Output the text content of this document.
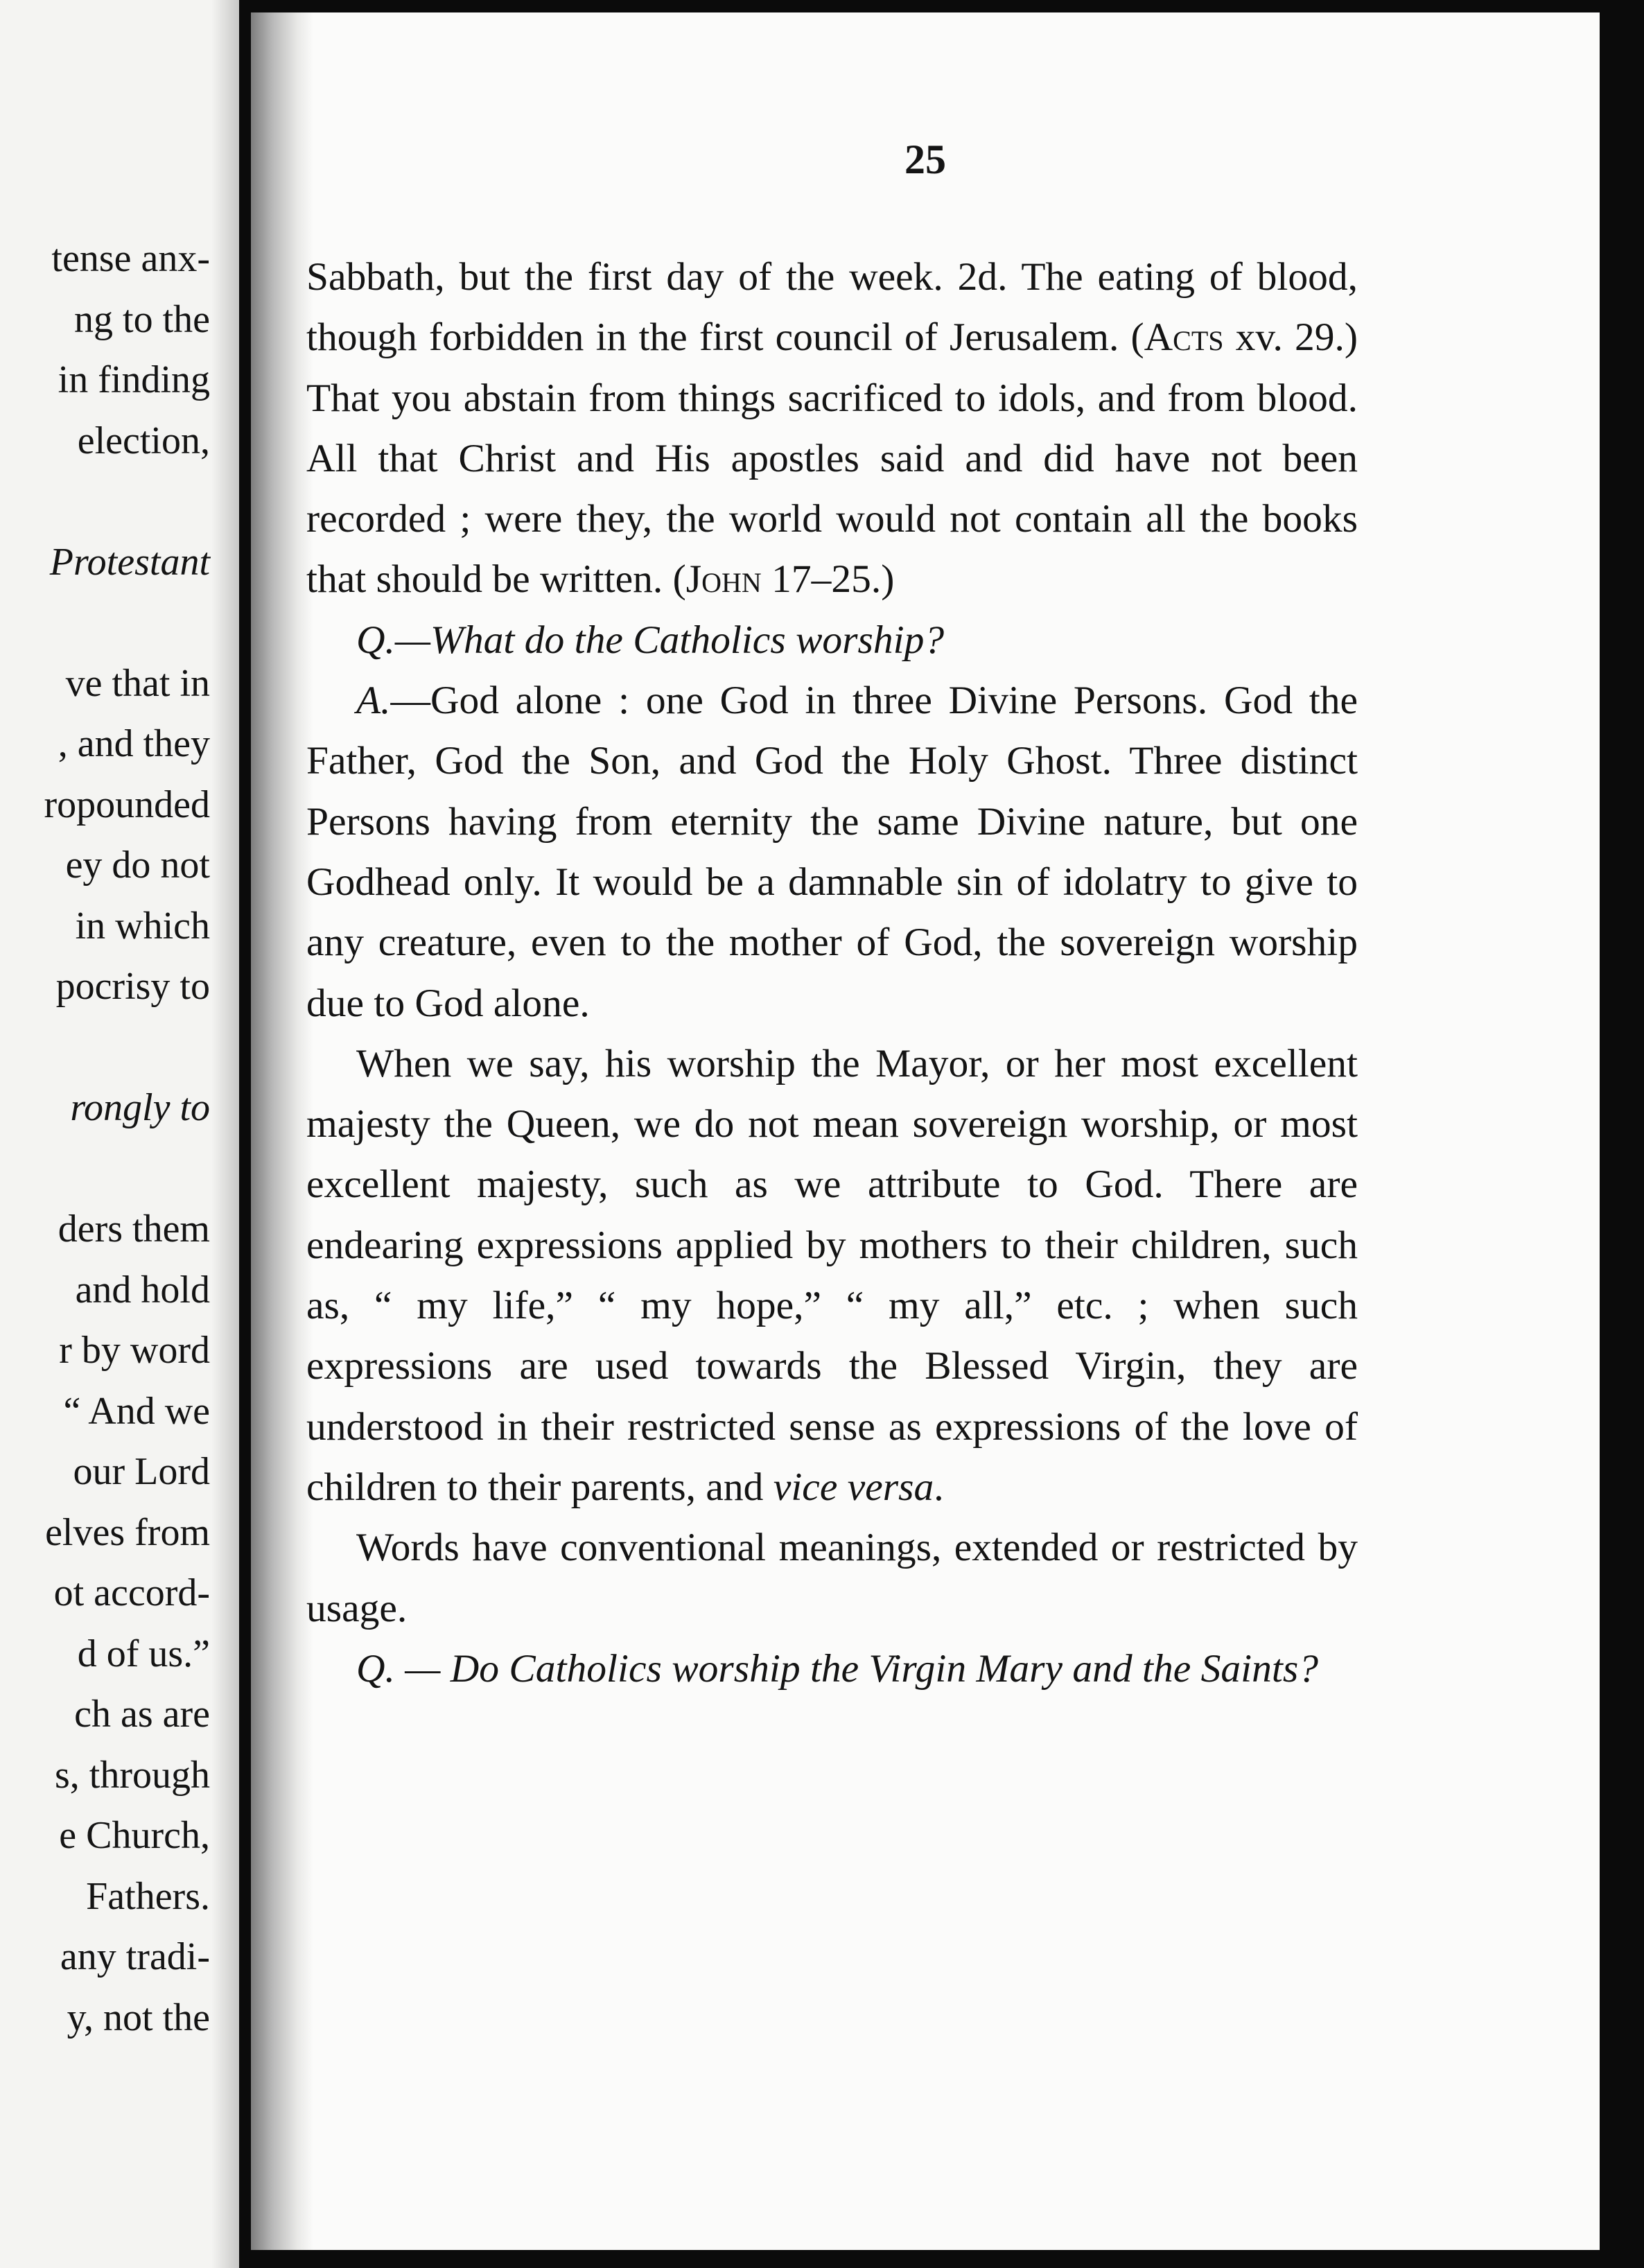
tense anx-
ng to the
in finding
election,
Protestant
ve that in
, and they
ropounded
ey do not
in which
pocrisy to
rongly to
ders them
and hold
r by word
“ And we
our Lord
elves from
ot accord-
d of us.”
ch as are
s, through
e Church,
Fathers.
any tradi-
y, not the
25

Sabbath, but the first day of the week. 2d. The eating of blood, though forbidden in the first council of Jerusalem. (Acts xv. 29.) That you abstain from things sacrificed to idols, and from blood. All that Christ and His apostles said and did have not been recorded ; were they, the world would not contain all the books that should be written. (John 17–25.)

Q.—What do the Catholics worship?

A.—God alone : one God in three Divine Persons. God the Father, God the Son, and God the Holy Ghost. Three distinct Persons having from eternity the same Divine nature, but one Godhead only. It would be a damnable sin of idolatry to give to any creature, even to the mother of God, the sovereign worship due to God alone.

When we say, his worship the Mayor, or her most excellent majesty the Queen, we do not mean sovereign worship, or most excellent majesty, such as we attribute to God. There are endearing expressions applied by mothers to their children, such as, “ my life,” “ my hope,” “ my all,” etc. ; when such expressions are used towards the Blessed Virgin, they are understood in their restricted sense as expressions of the love of children to their parents, and vice versa.

Words have conventional meanings, extended or restricted by usage.

Q. — Do Catholics worship the Virgin Mary and the Saints?
